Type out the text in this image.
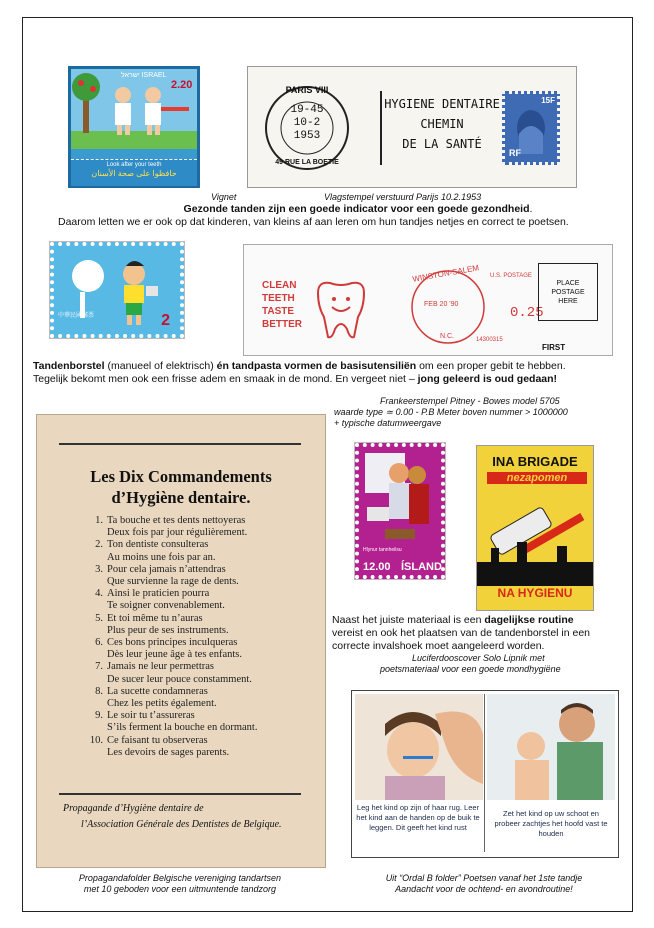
ישראל ISRAEL
2.20
Look after your teeth
حافظوا على صحة الأسنان
PARIS VIII
19-45
10-2
1953
49 RUE LA BOETIE
HYGIENE DENTAIRE
CHEMIN
DE LA SANTÉ
15F
RF
Vignet	Vlagstempel verstuurd Parijs 10.2.1953
Gezonde tanden zijn een goede indicator voor een goede gezondheid.
Daarom letten we er ook op dat kinderen, van kleins af aan leren om hun tandjes netjes en correct te poetsen.
中華民國郵票	2
CLEAN
TEETH
TASTE
BETTER
WINSTON-SALEM
FEB 20 '90
N.C.
U.S. POSTAGE
14300315
0.25
PLACE
POSTAGE
HERE
FIRST
Tandenborstel (manueel of elektrisch) én tandpasta vormen de basisutensiliën om een proper gebit te hebben.
Tegelijk bekomt men ook een frisse adem en smaak in de mond. En vergeet niet – jong geleerd is oud gedaan!
Les Dix Commandements
d’Hygiène dentaire.
1. Ta bouche et tes dents nettoyeras
Deux fois par jour régulièrement.
2. Ton dentiste consulteras
Au moins une fois par an.
3. Pour cela jamais n’attendras
Que survienne la rage de dents.
4. Ainsi le praticien pourra
Te soigner convenablement.
5. Et toi même tu n’auras
Plus peur de ses instruments.
6. Ces bons principes inculqueras
Dès leur jeune âge à tes enfants.
7. Jamais ne leur permettras
De sucer leur pouce constamment.
8. La sucette condamneras
Chez les petits également.
9. Le soir tu t’assureras
S’ils ferment la bouche en dormant.
10. Ce faisant tu observeras
Les devoirs de sages parents.
Propagande d’Hygiène dentaire de
l’Association Générale des Dentistes de Belgique.
Propagandafolder Belgische vereniging tandartsen
met 10 geboden voor een uitmuntende tandzorg
Frankeerstempel Pitney - Bowes model 5705
waarde type ≃ 0.00 - P.B Meter boven nummer > 1000000
+ typische datumweergave
Hlynur tannheilsu
12.00 ÍSLAND
INA BRIGADE
nezapomen
NA HYGIENU
Naast het juiste materiaal is een dagelijkse routine
vereist en ook het plaatsen van de tandenborstel in een
correcte invalshoek moet aangeleerd worden.
Luciferdooscover Solo Lipnik met
poetsmateriaal voor een goede mondhygiëne
Leg het kind op zijn of haar rug. Leer het kind aan de handen op de buik te leggen. Dit geeft het kind rust
Zet het kind op uw schoot en probeer zachtjes het hoofd vast te houden
Uit “Ordal B folder” Poetsen vanaf het 1ste tandje
Aandacht voor de ochtend- en avondroutine!
